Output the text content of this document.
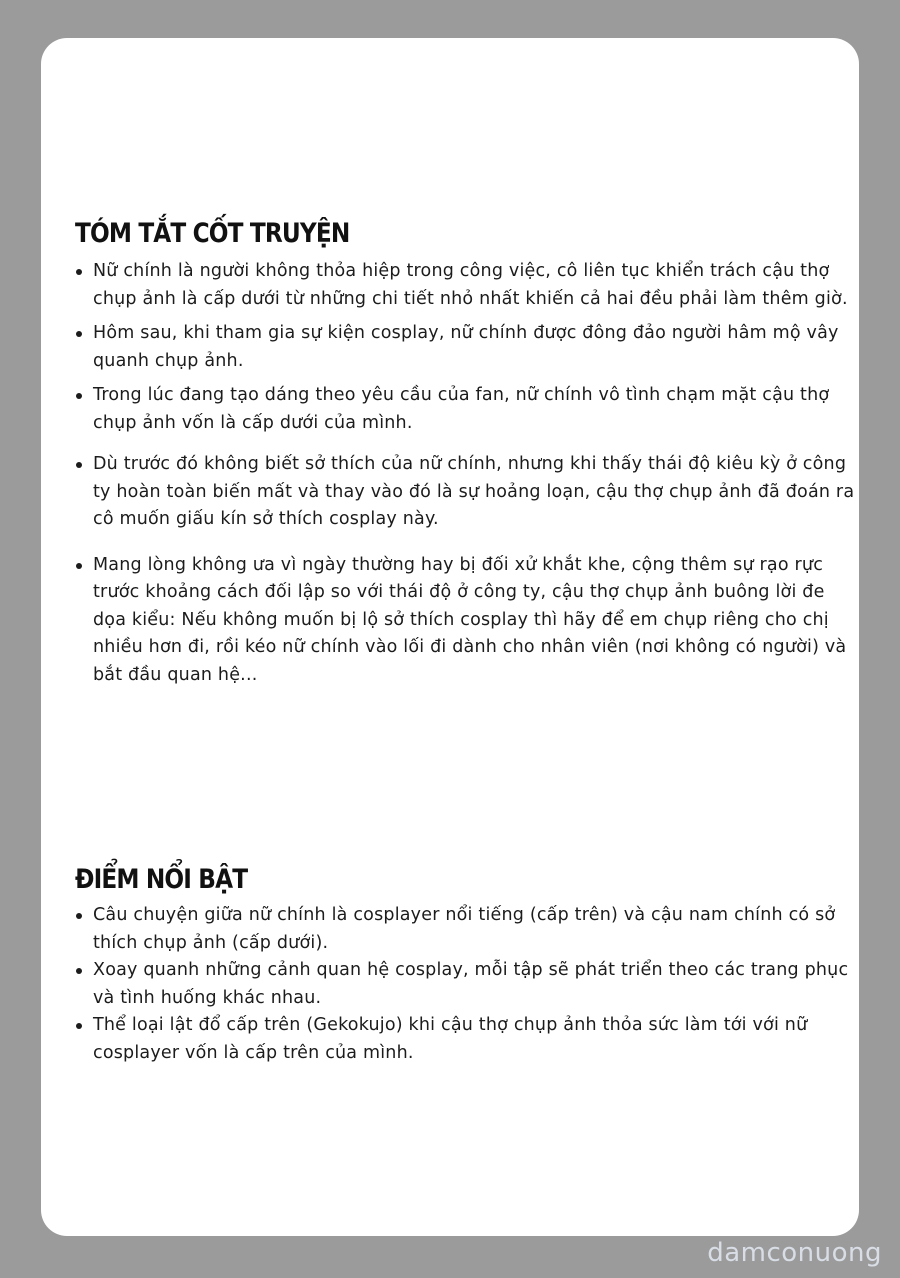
TÓM TẮT CỐT TRUYỆN
Nữ chính là người không thỏa hiệp trong công việc, cô liên tục khiển trách cậu thợ chụp ảnh là cấp dưới từ những chi tiết nhỏ nhất khiến cả hai đều phải làm thêm giờ.
Hôm sau, khi tham gia sự kiện cosplay, nữ chính được đông đảo người hâm mộ vây quanh chụp ảnh.
Trong lúc đang tạo dáng theo yêu cầu của fan, nữ chính vô tình chạm mặt cậu thợ chụp ảnh vốn là cấp dưới của mình.
Dù trước đó không biết sở thích của nữ chính, nhưng khi thấy thái độ kiêu kỳ ở công ty hoàn toàn biến mất và thay vào đó là sự hoảng loạn, cậu thợ chụp ảnh đã đoán ra cô muốn giấu kín sở thích cosplay này.
Mang lòng không ưa vì ngày thường hay bị đối xử khắt khe, cộng thêm sự rạo rực trước khoảng cách đối lập so với thái độ ở công ty, cậu thợ chụp ảnh buông lời đe dọa kiểu: Nếu không muốn bị lộ sở thích cosplay thì hãy để em chụp riêng cho chị nhiều hơn đi, rồi kéo nữ chính vào lối đi dành cho nhân viên (nơi không có người) và bắt đầu quan hệ...
ĐIỂM NỔI BẬT
Câu chuyện giữa nữ chính là cosplayer nổi tiếng (cấp trên) và cậu nam chính có sở thích chụp ảnh (cấp dưới).
Xoay quanh những cảnh quan hệ cosplay, mỗi tập sẽ phát triển theo các trang phục và tình huống khác nhau.
Thể loại lật đổ cấp trên (Gekokujo) khi cậu thợ chụp ảnh thỏa sức làm tới với nữ cosplayer vốn là cấp trên của mình.
damconuong
